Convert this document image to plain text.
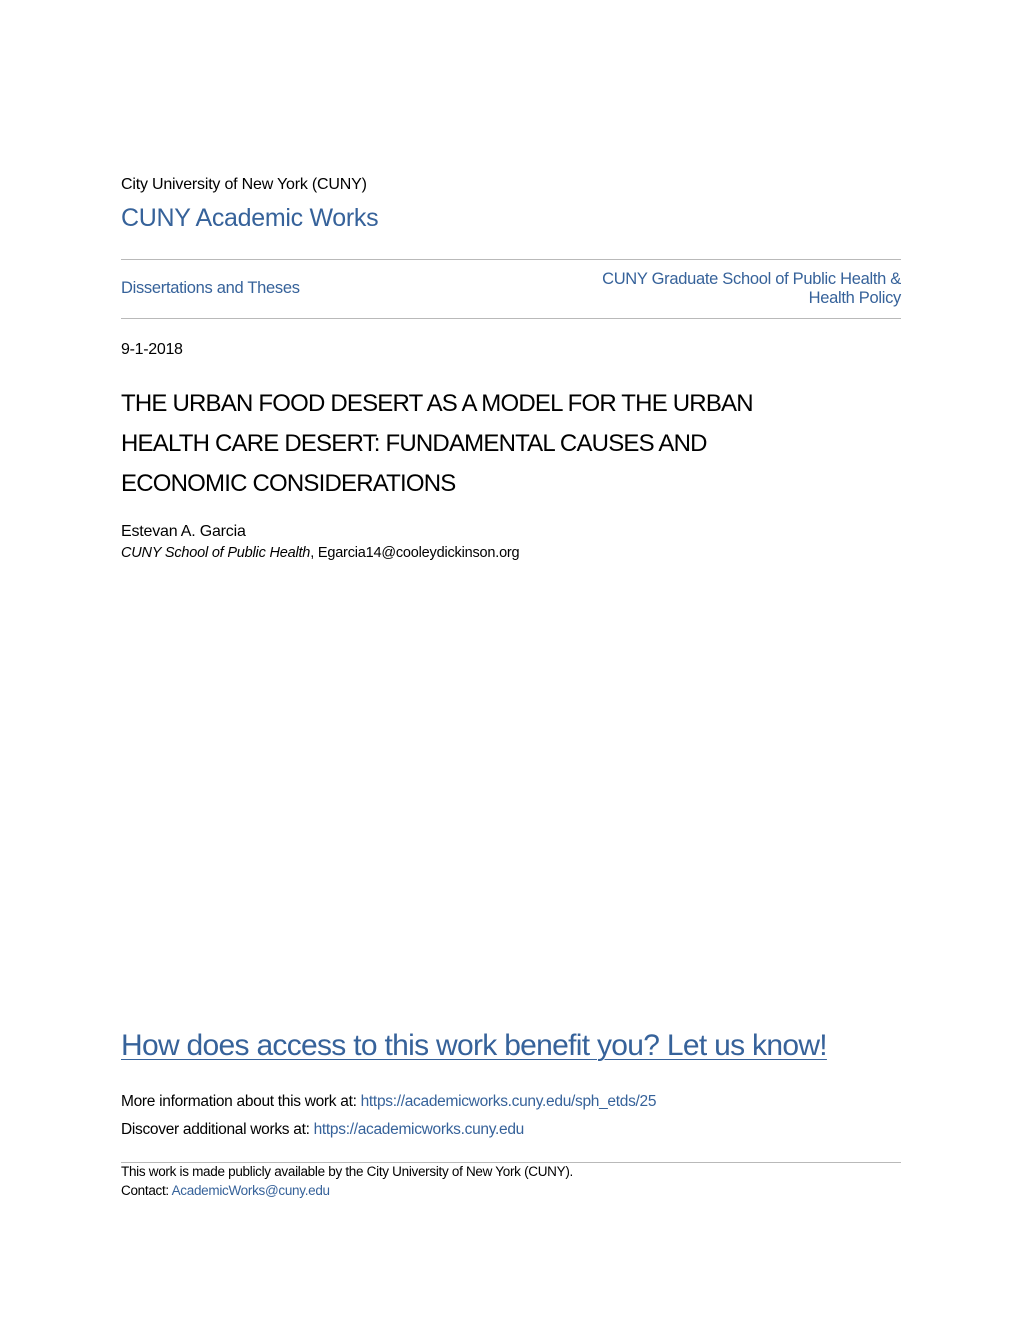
City University of New York (CUNY)
CUNY Academic Works
Dissertations and Theses	CUNY Graduate School of Public Health &
Health Policy
9-1-2018
THE URBAN FOOD DESERT AS A MODEL FOR THE URBAN
HEALTH CARE DESERT: FUNDAMENTAL CAUSES AND
ECONOMIC CONSIDERATIONS
Estevan A. Garcia
CUNY School of Public Health, Egarcia14@cooleydickinson.org
How does access to this work benefit you? Let us know!
More information about this work at: https://academicworks.cuny.edu/sph_etds/25
Discover additional works at: https://academicworks.cuny.edu
This work is made publicly available by the City University of New York (CUNY).
Contact: AcademicWorks@cuny.edu
